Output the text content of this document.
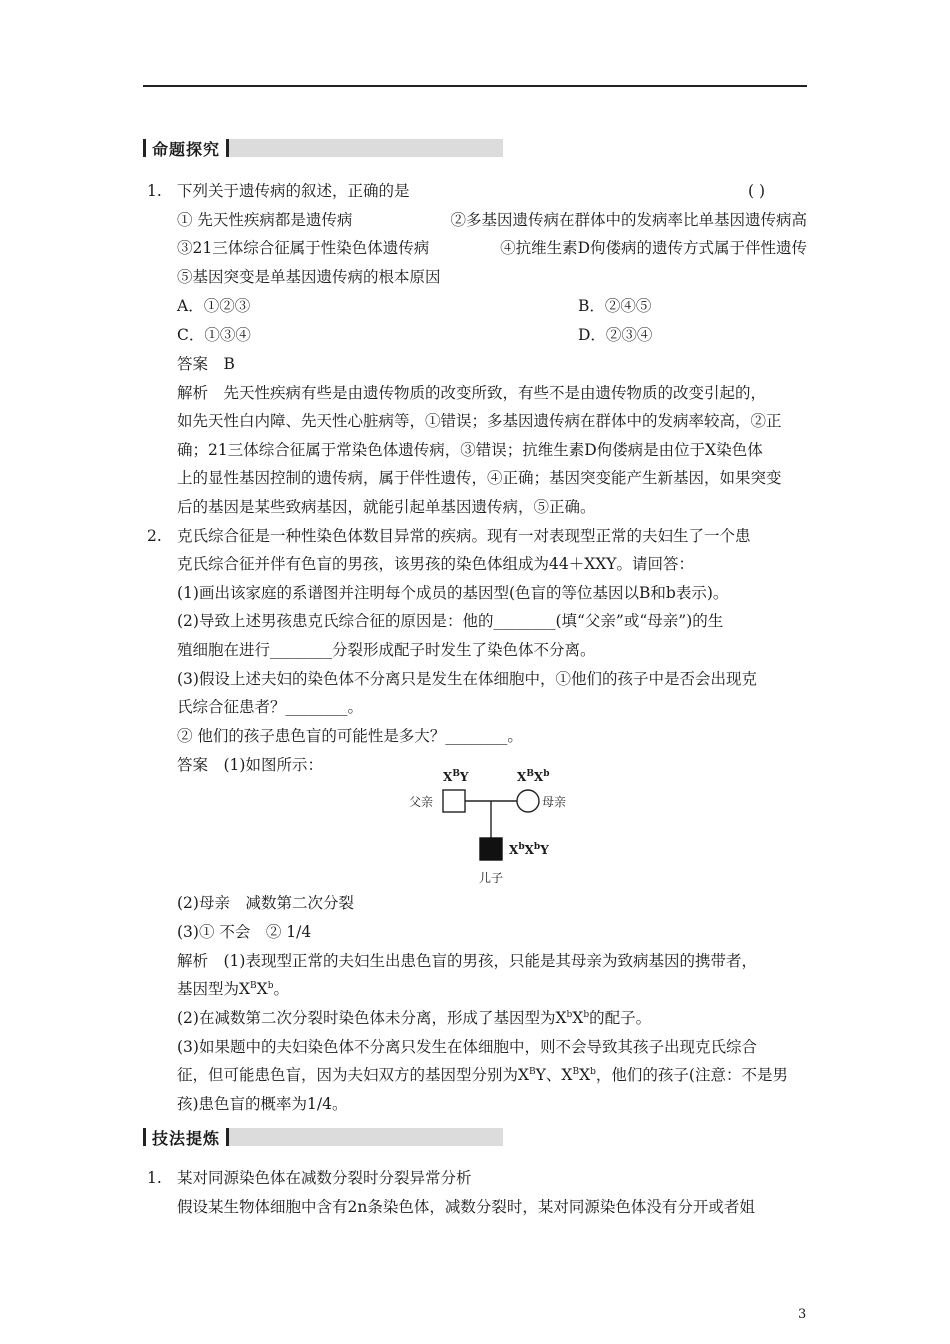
命题探究
1. 下列关于遗传病的叙述，正确的是	( )
① 先天性疾病都是遗传病	②多基因遗传病在群体中的发病率比单基因遗传病高
③21三体综合征属于性染色体遗传病	④抗维生素D佝偻病的遗传方式属于伴性遗传
⑤基因突变是单基因遗传病的根本原因
A．①②③	B．②④⑤
C．①③④	D．②③④
答案　B
解析　先天性疾病有些是由遗传物质的改变所致，有些不是由遗传物质的改变引起的，
如先天性白内障、先天性心脏病等，①错误；多基因遗传病在群体中的发病率较高，②正
确；21三体综合征属于常染色体遗传病，③错误；抗维生素D佝偻病是由位于X染色体
上的显性基因控制的遗传病，属于伴性遗传，④正确；基因突变能产生新基因，如果突变
后的基因是某些致病基因，就能引起单基因遗传病，⑤正确。
2. 克氏综合征是一种性染色体数目异常的疾病。现有一对表现型正常的夫妇生了一个患
克氏综合征并伴有色盲的男孩，该男孩的染色体组成为44＋XXY。请回答：
(1)画出该家庭的系谱图并注明每个成员的基因型(色盲的等位基因以B和b表示)。
(2)导致上述男孩患克氏综合征的原因是：他的________(填“父亲”或“母亲”)的生
殖细胞在进行________分裂形成配子时发生了染色体不分离。
(3)假设上述夫妇的染色体不分离只是发生在体细胞中，①他们的孩子中是否会出现克
氏综合征患者？________。
② 他们的孩子患色盲的可能性是多大？________。
答案　(1)如图所示：
$X^BY$	$X^BX^b$
父亲	母亲
$X^bX^bY$
儿子
(2)母亲　减数第二次分裂
(3)① 不会　② 1/4
解析　(1)表现型正常的夫妇生出患色盲的男孩，只能是其母亲为致病基因的携带者，
基因型为$X^BX^b$。
(2)在减数第二次分裂时染色体未分离，形成了基因型为$X^bX^b$的配子。
(3)如果题中的夫妇染色体不分离只发生在体细胞中，则不会导致其孩子出现克氏综合
征，但可能患色盲，因为夫妇双方的基因型分别为$X^BY$、$X^BX^b$，他们的孩子(注意：不是男
孩)患色盲的概率为1/4。
技法提炼
1. 某对同源染色体在减数分裂时分裂异常分析
假设某生物体细胞中含有2n条染色体，减数分裂时，某对同源染色体没有分开或者姐
3
